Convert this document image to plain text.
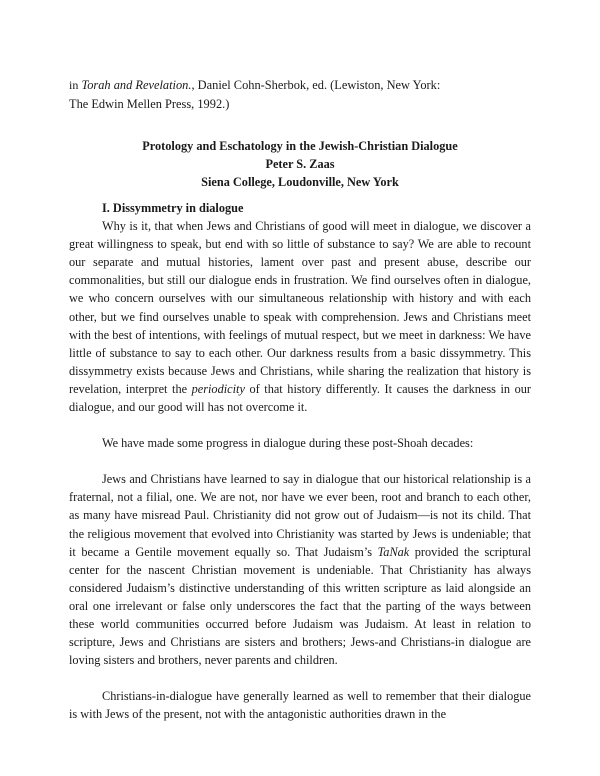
in Torah and Revelation., Daniel Cohn-Sherbok, ed. (Lewiston, New York:
The Edwin Mellen Press, 1992.)
Protology and Eschatology in the Jewish-Christian Dialogue
Peter S. Zaas
Siena College, Loudonville, New York
I. Dissymmetry in dialogue

Why is it, that when Jews and Christians of good will meet in dialogue, we discover a great willingness to speak, but end with so little of substance to say? We are able to recount our separate and mutual histories, lament over past and present abuse, describe our commonalities, but still our dialogue ends in frustration. We find ourselves often in dialogue, we who concern ourselves with our simultaneous relationship with history and with each other, but we find ourselves unable to speak with comprehension. Jews and Christians meet with the best of intentions, with feelings of mutual respect, but we meet in darkness: We have little of substance to say to each other. Our darkness results from a basic dissymmetry. This dissymmetry exists because Jews and Christians, while sharing the realization that history is revelation, interpret the periodicity of that history differently. It causes the darkness in our dialogue, and our good will has not overcome it.

We have made some progress in dialogue during these post-Shoah decades:

Jews and Christians have learned to say in dialogue that our historical relationship is a fraternal, not a filial, one. We are not, nor have we ever been, root and branch to each other, as many have misread Paul. Christianity did not grow out of Judaism—is not its child. That the religious movement that evolved into Christianity was started by Jews is undeniable; that it became a Gentile movement equally so. That Judaism’s TaNak provided the scriptural center for the nascent Christian movement is undeniable. That Christianity has always considered Judaism’s distinctive understanding of this written scripture as laid alongside an oral one irrelevant or false only underscores the fact that the parting of the ways between these world communities occurred before Judaism was Judaism. At least in relation to scripture, Jews and Christians are sisters and brothers; Jews-and Christians-in dialogue are loving sisters and brothers, never parents and children.

Christians-in-dialogue have generally learned as well to remember that their dialogue is with Jews of the present, not with the antagonistic authorities drawn in the
